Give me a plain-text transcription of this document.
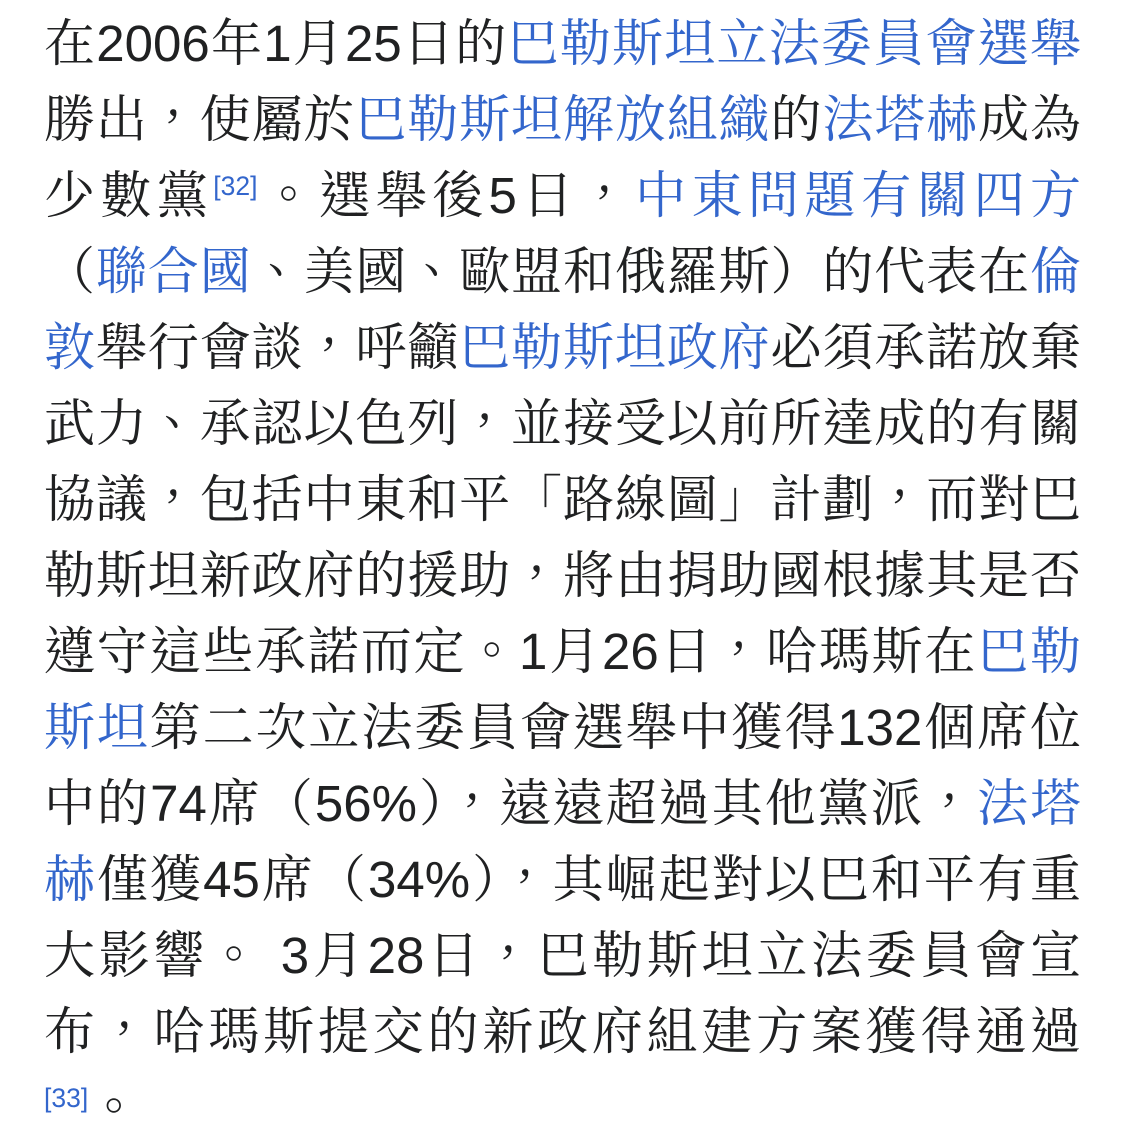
在2006年1月25日的巴勒斯坦立法委員會選舉勝出，使屬於巴勒斯坦解放組織的法塔赫成為少數黨[32]。選舉後5日，中東問題有關四方（聯合國、美國、歐盟和俄羅斯）的代表在倫敦舉行會談，呼籲巴勒斯坦政府必須承諾放棄武力、承認以色列，並接受以前所達成的有關協議，包括中東和平「路線圖」計劃，而對巴勒斯坦新政府的援助，將由捐助國根據其是否遵守這些承諾而定。1月26日，哈瑪斯在巴勒斯坦第二次立法委員會選舉中獲得132個席位中的74席（56%），遠遠超過其他黨派，法塔赫僅獲45席（34%），其崛起對以巴和平有重大影響。 3月28日，巴勒斯坦立法委員會宣布，哈瑪斯提交的新政府組建方案獲得通過[33]。
